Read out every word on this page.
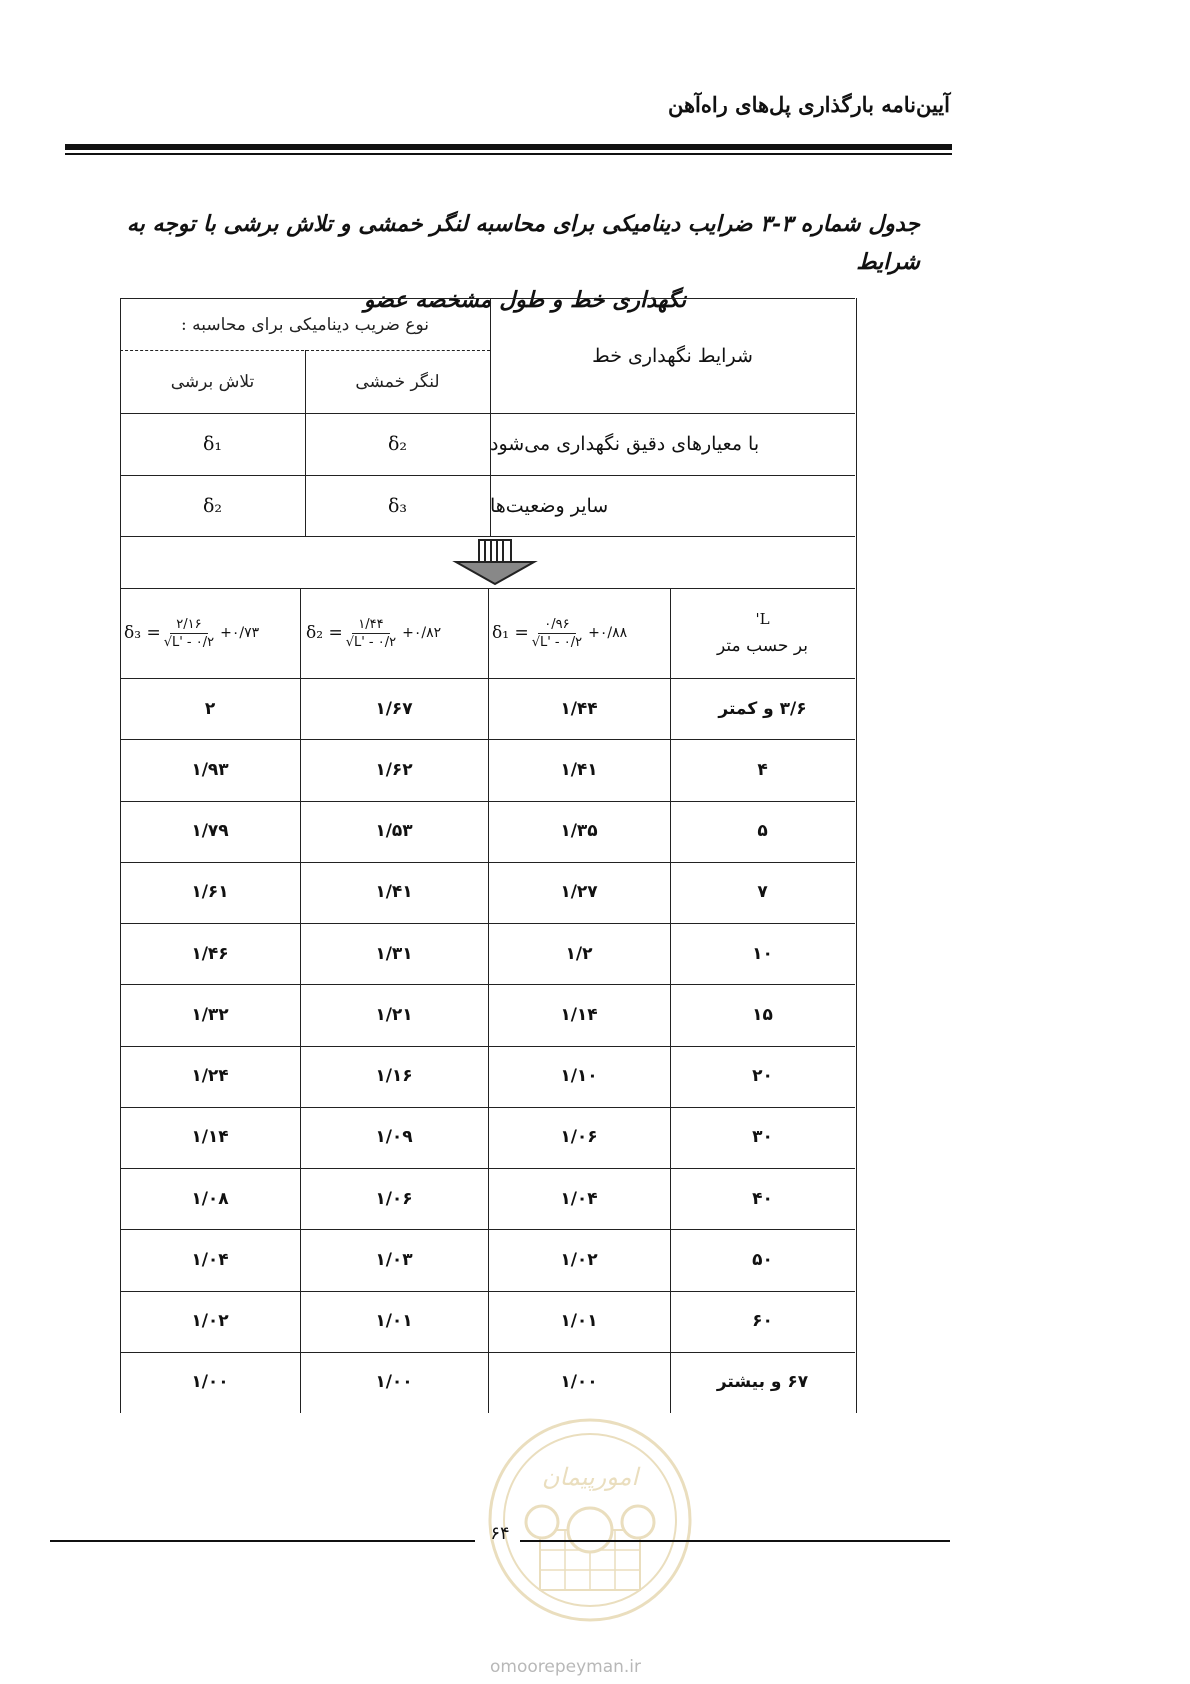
آیین‌نامه بارگذاری پل‌های راه‌آهن
جدول شماره ۳-۳ ضرایب دینامیکی برای محاسبه لنگر خمشی و تلاش برشی با توجه به شرایط
نگهداری خط و طول مشخصه عضو
شرایط نگهداری خط
نوع ضریب دینامیکی برای محاسبه :
لنگر خمشی
تلاش برشی
با معیارهای دقیق نگهداری می‌شود
δ₂
δ₁
سایر وضعیت‌ها
δ₃
δ₂
L'
بر حسب متر
$\delta_1 = \frac{۰/۹۶}{√L' - ۰/۲}$ +۰/۸۸
$\delta_2 = \frac{۱/۴۴}{√L' - ۰/۲}$ +۰/۸۲
$\delta_3 = \frac{۲/۱۶}{√L' - ۰/۲}$ +۰/۷۳
۳/۶ و کمتر
۱/۴۴
۱/۶۷
۲
۴
۱/۴۱
۱/۶۲
۱/۹۳
۵
۱/۳۵
۱/۵۳
۱/۷۹
۷
۱/۲۷
۱/۴۱
۱/۶۱
۱۰
۱/۲
۱/۳۱
۱/۴۶
۱۵
۱/۱۴
۱/۲۱
۱/۳۲
۲۰
۱/۱۰
۱/۱۶
۱/۲۴
۳۰
۱/۰۶
۱/۰۹
۱/۱۴
۴۰
۱/۰۴
۱/۰۶
۱/۰۸
۵۰
۱/۰۲
۱/۰۳
۱/۰۴
۶۰
۱/۰۱
۱/۰۱
۱/۰۲
۶۷ و بیشتر
۱/۰۰
۱/۰۰
۱/۰۰
امورپیمان
۶۴
omoorepeyman.ir
